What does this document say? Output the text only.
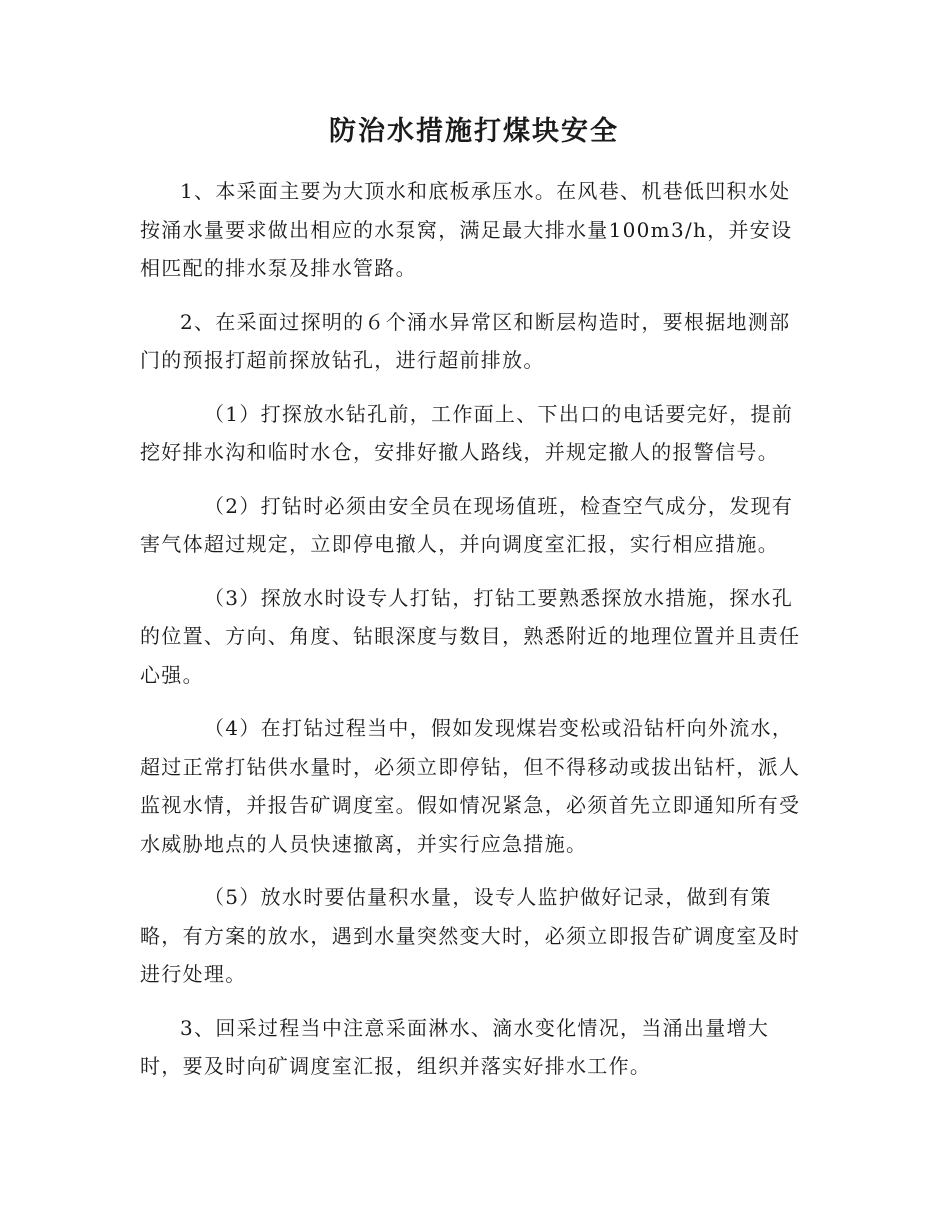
防治水措施打煤块安全

1、本采面主要为大顶水和底板承压水。在风巷、机巷低凹积水处按涌水量要求做出相应的水泵窝，满足最大排水量100m3/h，并安设相匹配的排水泵及排水管路。

2、在采面过探明的６个涌水异常区和断层构造时，要根据地测部门的预报打超前探放钻孔，进行超前排放。

（1）打探放水钻孔前，工作面上、下出口的电话要完好，提前挖好排水沟和临时水仓，安排好撤人路线，并规定撤人的报警信号。

（2）打钻时必须由安全员在现场值班，检查空气成分，发现有害气体超过规定，立即停电撤人，并向调度室汇报，实行相应措施。

（3）探放水时设专人打钻，打钻工要熟悉探放水措施，探水孔的位置、方向、角度、钻眼深度与数目，熟悉附近的地理位置并且责任心强。

（4）在打钻过程当中，假如发现煤岩变松或沿钻杆向外流水，超过正常打钻供水量时，必须立即停钻，但不得移动或拔出钻杆，派人监视水情，并报告矿调度室。假如情况紧急，必须首先立即通知所有受水威胁地点的人员快速撤离，并实行应急措施。

（5）放水时要估量积水量，设专人监护做好记录，做到有策略，有方案的放水，遇到水量突然变大时，必须立即报告矿调度室及时进行处理。

3、回采过程当中注意采面淋水、滴水变化情况，当涌出量增大时，要及时向矿调度室汇报，组织并落实好排水工作。
